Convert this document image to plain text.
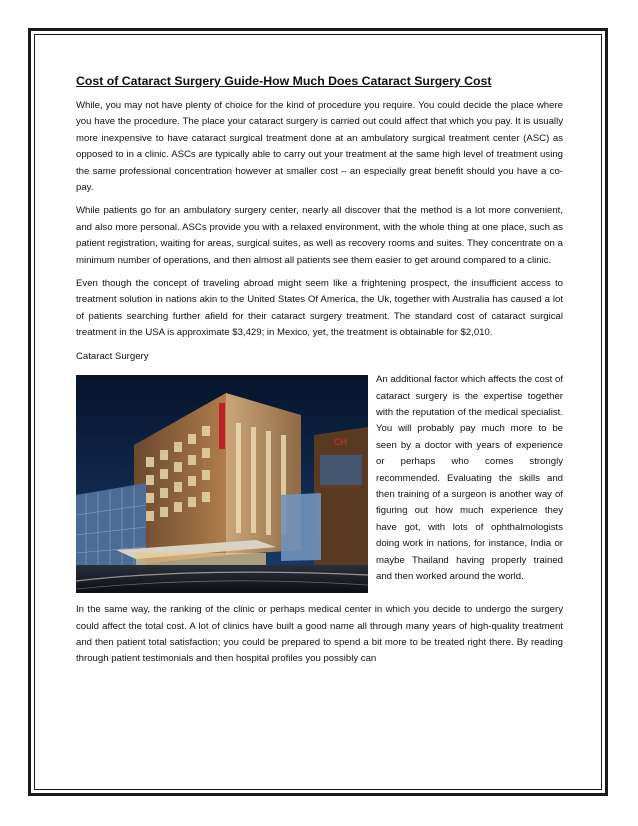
Cost of Cataract Surgery Guide-How Much Does Cataract Surgery Cost

While, you may not have plenty of choice for the kind of procedure you require. You could decide the place where you have the procedure. The place your cataract surgery is carried out could affect that which you pay. It is usually more inexpensive to have cataract surgical treatment done at an ambulatory surgical treatment center (ASC) as opposed to in a clinic. ASCs are typically able to carry out your treatment at the same high level of treatment using the same professional concentration however at smaller cost – an especially great benefit should you have a co-pay.

While patients go for an ambulatory surgery center, nearly all discover that the method is a lot more convenient, and also more personal. ASCs provide you with a relaxed environment, with the whole thing at one place, such as patient registration, waiting for areas, surgical suites, as well as recovery rooms and suites. They concentrate on a minimum number of operations, and then almost all patients see them easier to get around compared to a clinic.

Even though the concept of traveling abroad might seem like a frightening prospect, the insufficient access to treatment solution in nations akin to the United States Of America, the Uk, together with Australia has caused a lot of patients searching further afield for their cataract surgery treatment. The standard cost of cataract surgical treatment in the USA is approximate $3,429; in Mexico, yet, the treatment is obtainable for $2,010.

Cataract Surgery

CH

An additional factor which affects the cost of cataract surgery is the expertise together with the reputation of the medical specialist. You will probably pay much more to be seen by a doctor with years of experience or perhaps who comes strongly recommended. Evaluating the skills and then training of a surgeon is another way of figuring out how much experience they have got, with lots of ophthalmologists doing work in nations, for instance, India or maybe Thailand having properly trained and then worked around the world.

In the same way, the ranking of the clinic or perhaps medical center in which you decide to undergo the surgery could affect the total cost. A lot of clinics have built a good name all through many years of high-quality treatment and then patient total satisfaction; you could be prepared to spend a bit more to be treated right there. By reading through patient testimonials and then hospital profiles you possibly can
